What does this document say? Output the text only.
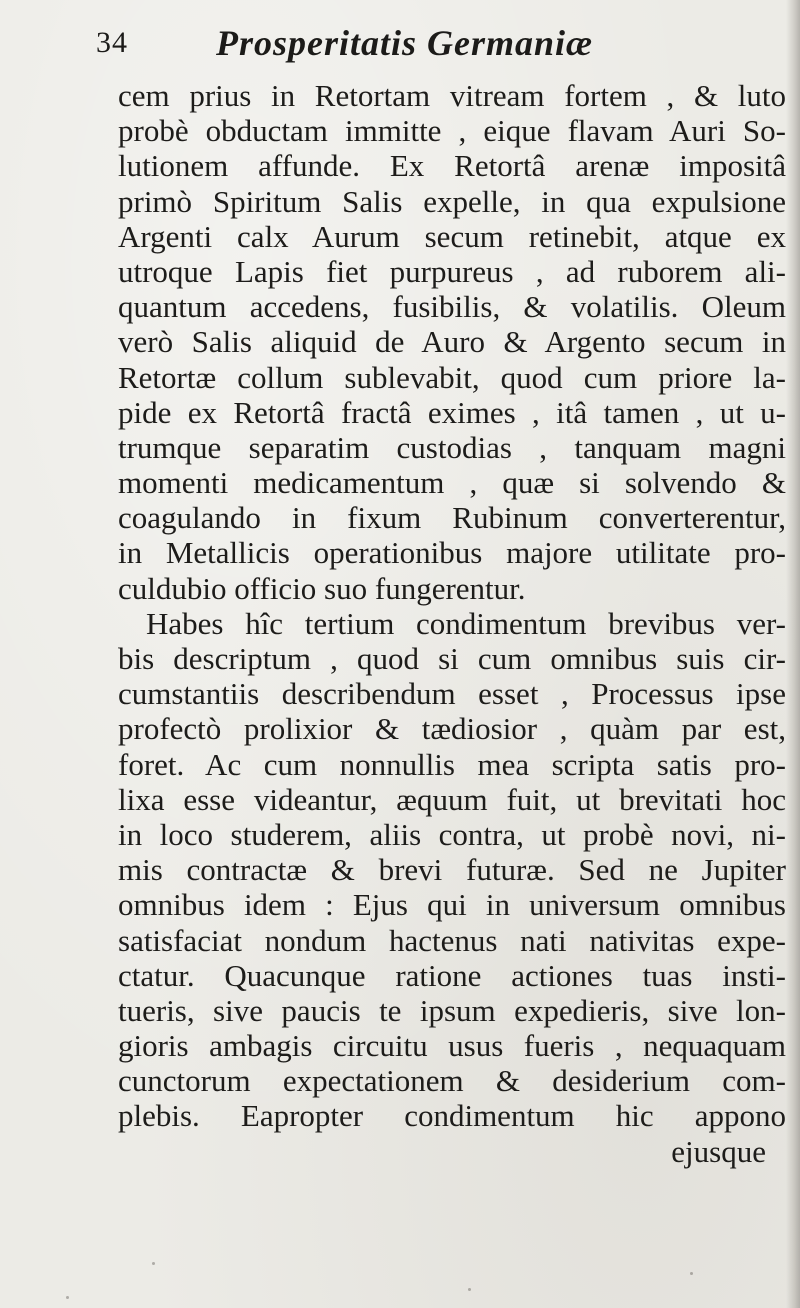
34 Prosperitatis Germaniæ
cem prius in Retortam vitream fortem , & luto
probè obductam immitte , eique flavam Auri So-
lutionem affunde. Ex Retortâ arenæ impositâ
primò Spiritum Salis expelle, in qua expulsione
Argenti calx Aurum secum retinebit, atque ex
utroque Lapis fiet purpureus , ad ruborem ali-
quantum accedens, fusibilis, & volatilis. Oleum
verò Salis aliquid de Auro & Argento secum in
Retortæ collum sublevabit, quod cum priore la-
pide ex Retortâ fractâ eximes , itâ tamen , ut u-
trumque separatim custodias , tanquam magni
momenti medicamentum , quæ si solvendo &
coagulando in fixum Rubinum converterentur,
in Metallicis operationibus majore utilitate pro-
culdubio officio suo fungerentur.
Habes hîc tertium condimentum brevibus ver-
bis descriptum , quod si cum omnibus suis cir-
cumstantiis describendum esset , Processus ipse
profectò prolixior & tædiosior , quàm par est,
foret. Ac cum nonnullis mea scripta satis pro-
lixa esse videantur, æquum fuit, ut brevitati hoc
in loco studerem, aliis contra, ut probè novi, ni-
mis contractæ & brevi futuræ. Sed ne Jupiter
omnibus idem : Ejus qui in universum omnibus
satisfaciat nondum hactenus nati nativitas expe-
ctatur. Quacunque ratione actiones tuas insti-
tueris, sive paucis te ipsum expedieris, sive lon-
gioris ambagis circuitu usus fueris , nequaquam
cunctorum expectationem & desiderium com-
plebis. Eapropter condimentum hic appono
ejusque
